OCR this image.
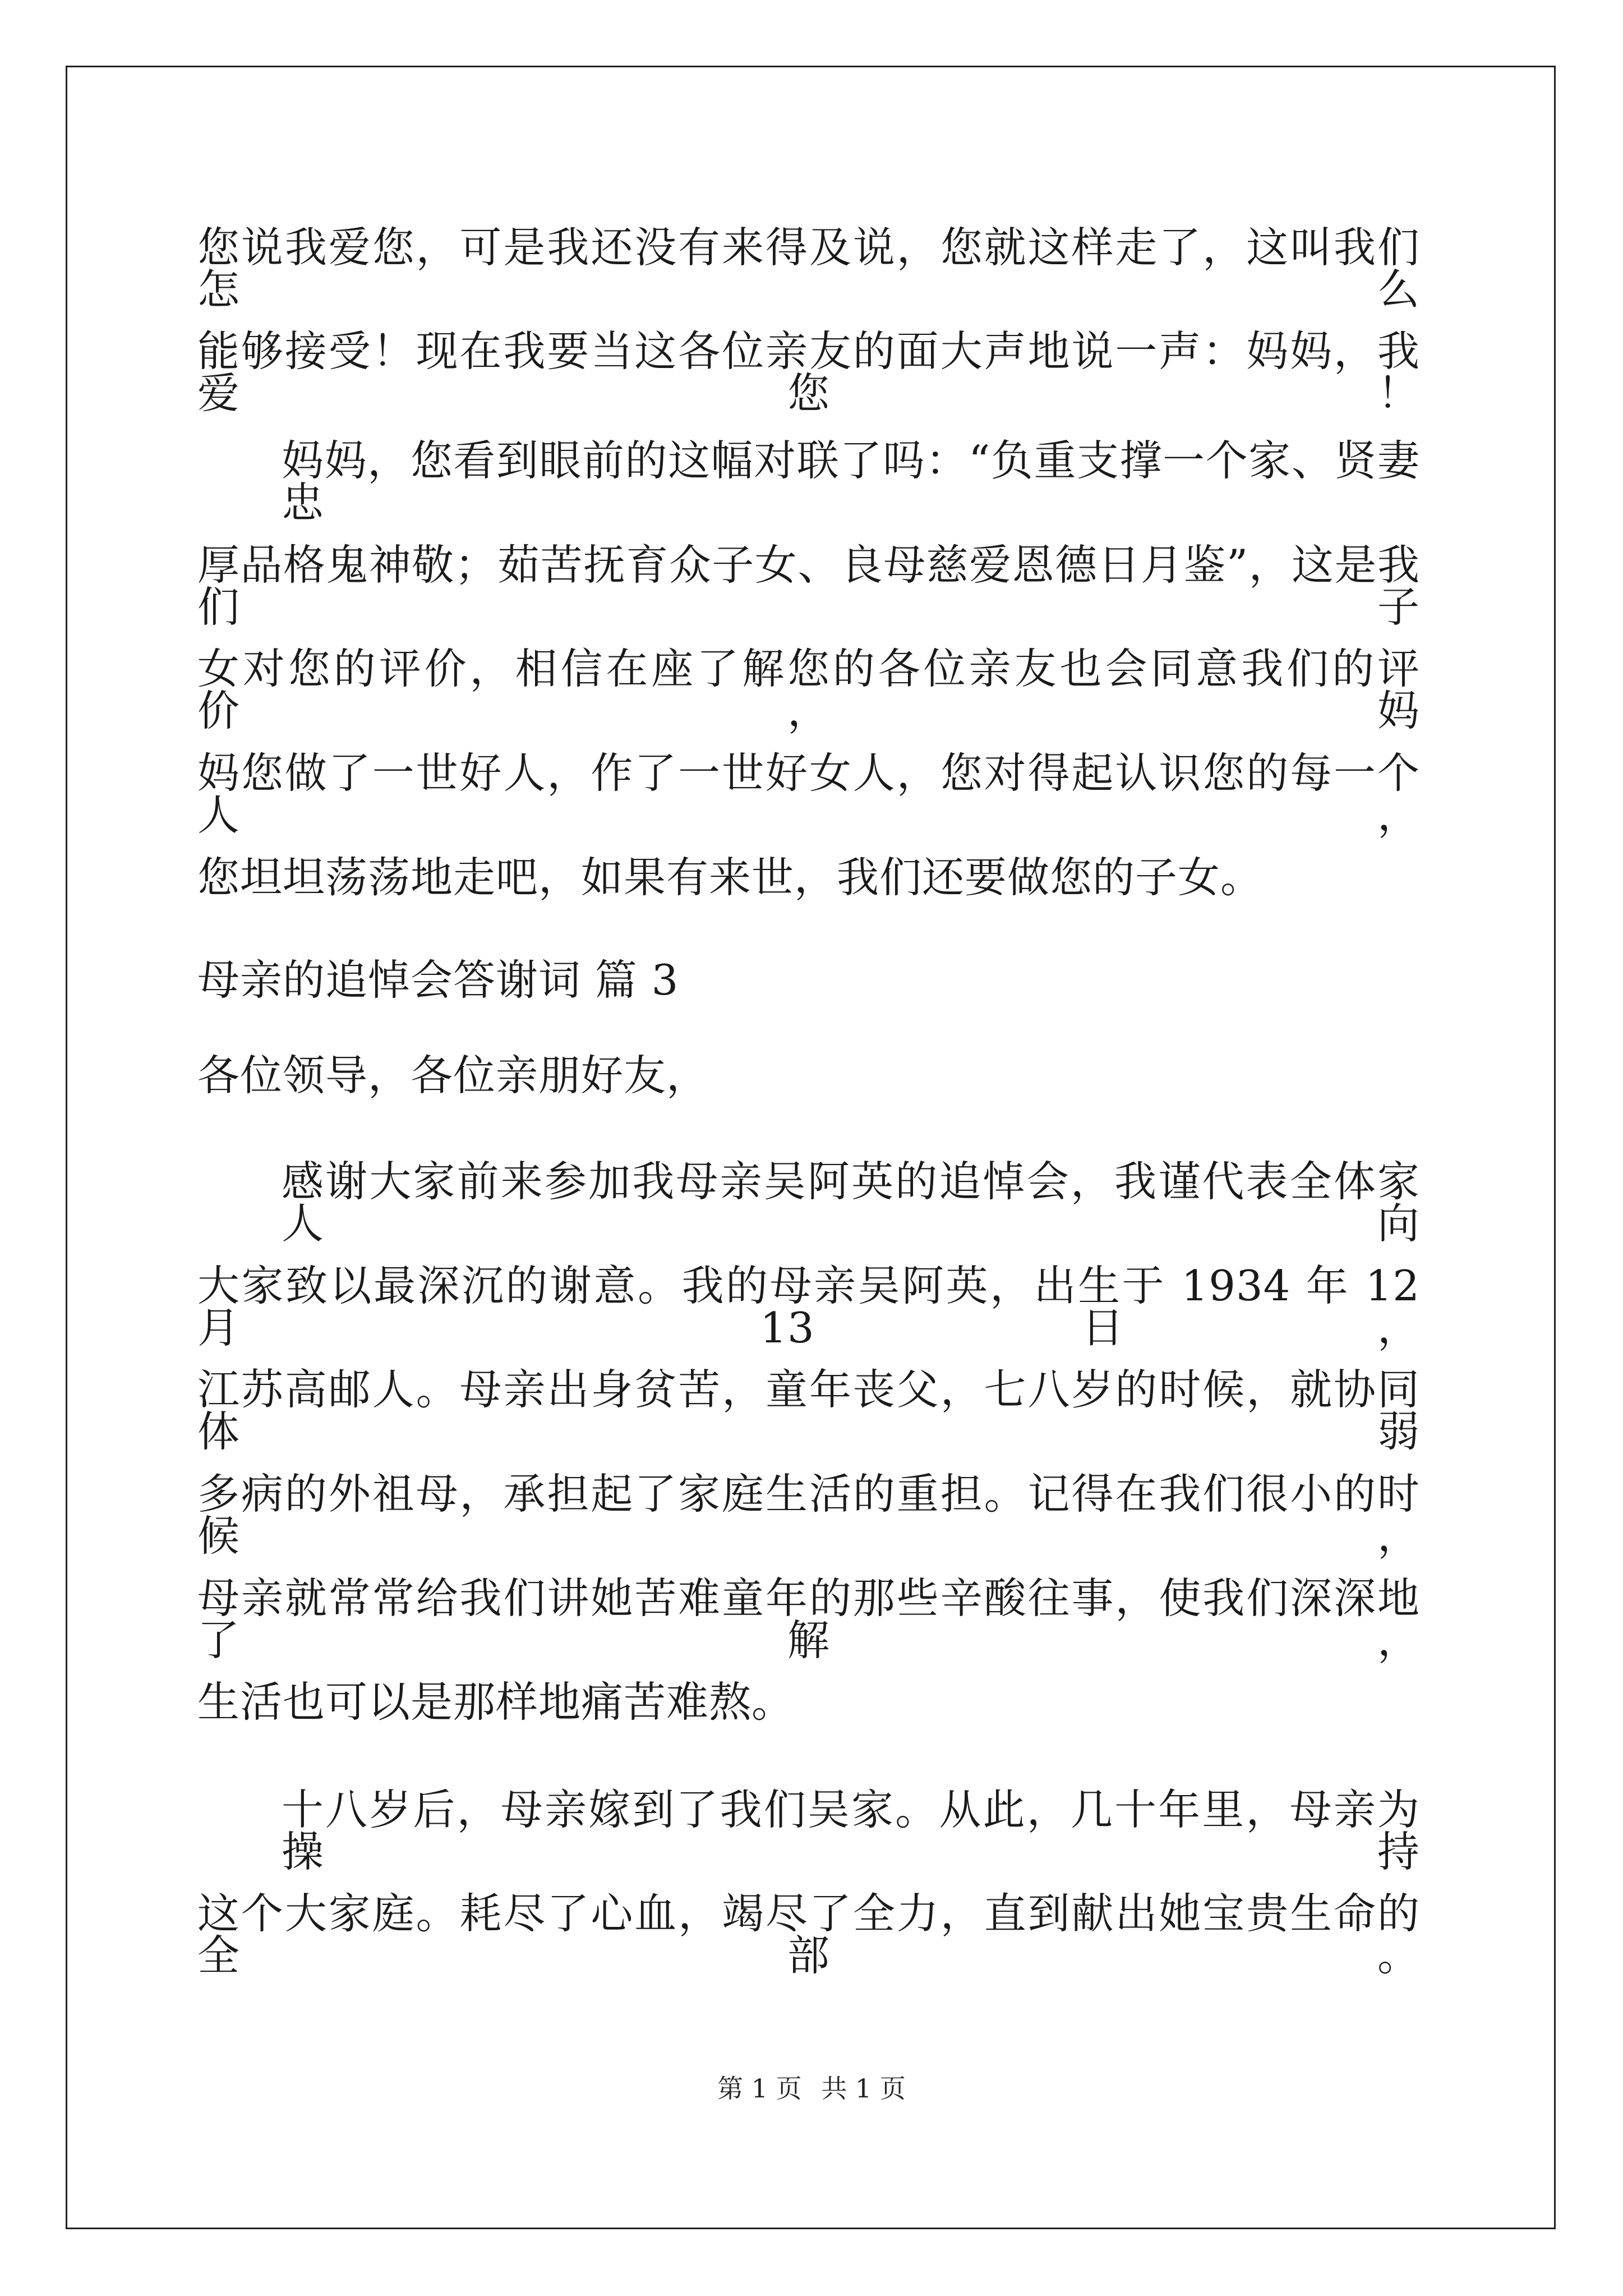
您说我爱您，可是我还没有来得及说，您就这样走了，这叫我们怎么
能够接受！现在我要当这各位亲友的面大声地说一声：妈妈，我爱您！
妈妈，您看到眼前的这幅对联了吗：“负重支撑一个家、贤妻忠
厚品格鬼神敬；茹苦抚育众子女、良母慈爱恩德日月鉴”，这是我们子
女对您的评价，相信在座了解您的各位亲友也会同意我们的评价，妈
妈您做了一世好人，作了一世好女人，您对得起认识您的每一个人，
您坦坦荡荡地走吧，如果有来世，我们还要做您的子女。
母亲的追悼会答谢词 篇 3
各位领导，各位亲朋好友，
感谢大家前来参加我母亲吴阿英的追悼会，我谨代表全体家人向
大家致以最深沉的谢意。我的母亲吴阿英，出生于 1934 年 12 月 13 日，
江苏高邮人。母亲出身贫苦，童年丧父，七八岁的时候，就协同体弱
多病的外祖母，承担起了家庭生活的重担。记得在我们很小的时候，
母亲就常常给我们讲她苦难童年的那些辛酸往事，使我们深深地了解，
生活也可以是那样地痛苦难熬。
十八岁后，母亲嫁到了我们吴家。从此，几十年里，母亲为操持
这个大家庭。耗尽了心血，竭尽了全力，直到献出她宝贵生命的全部。
第 1 页 共 1 页
